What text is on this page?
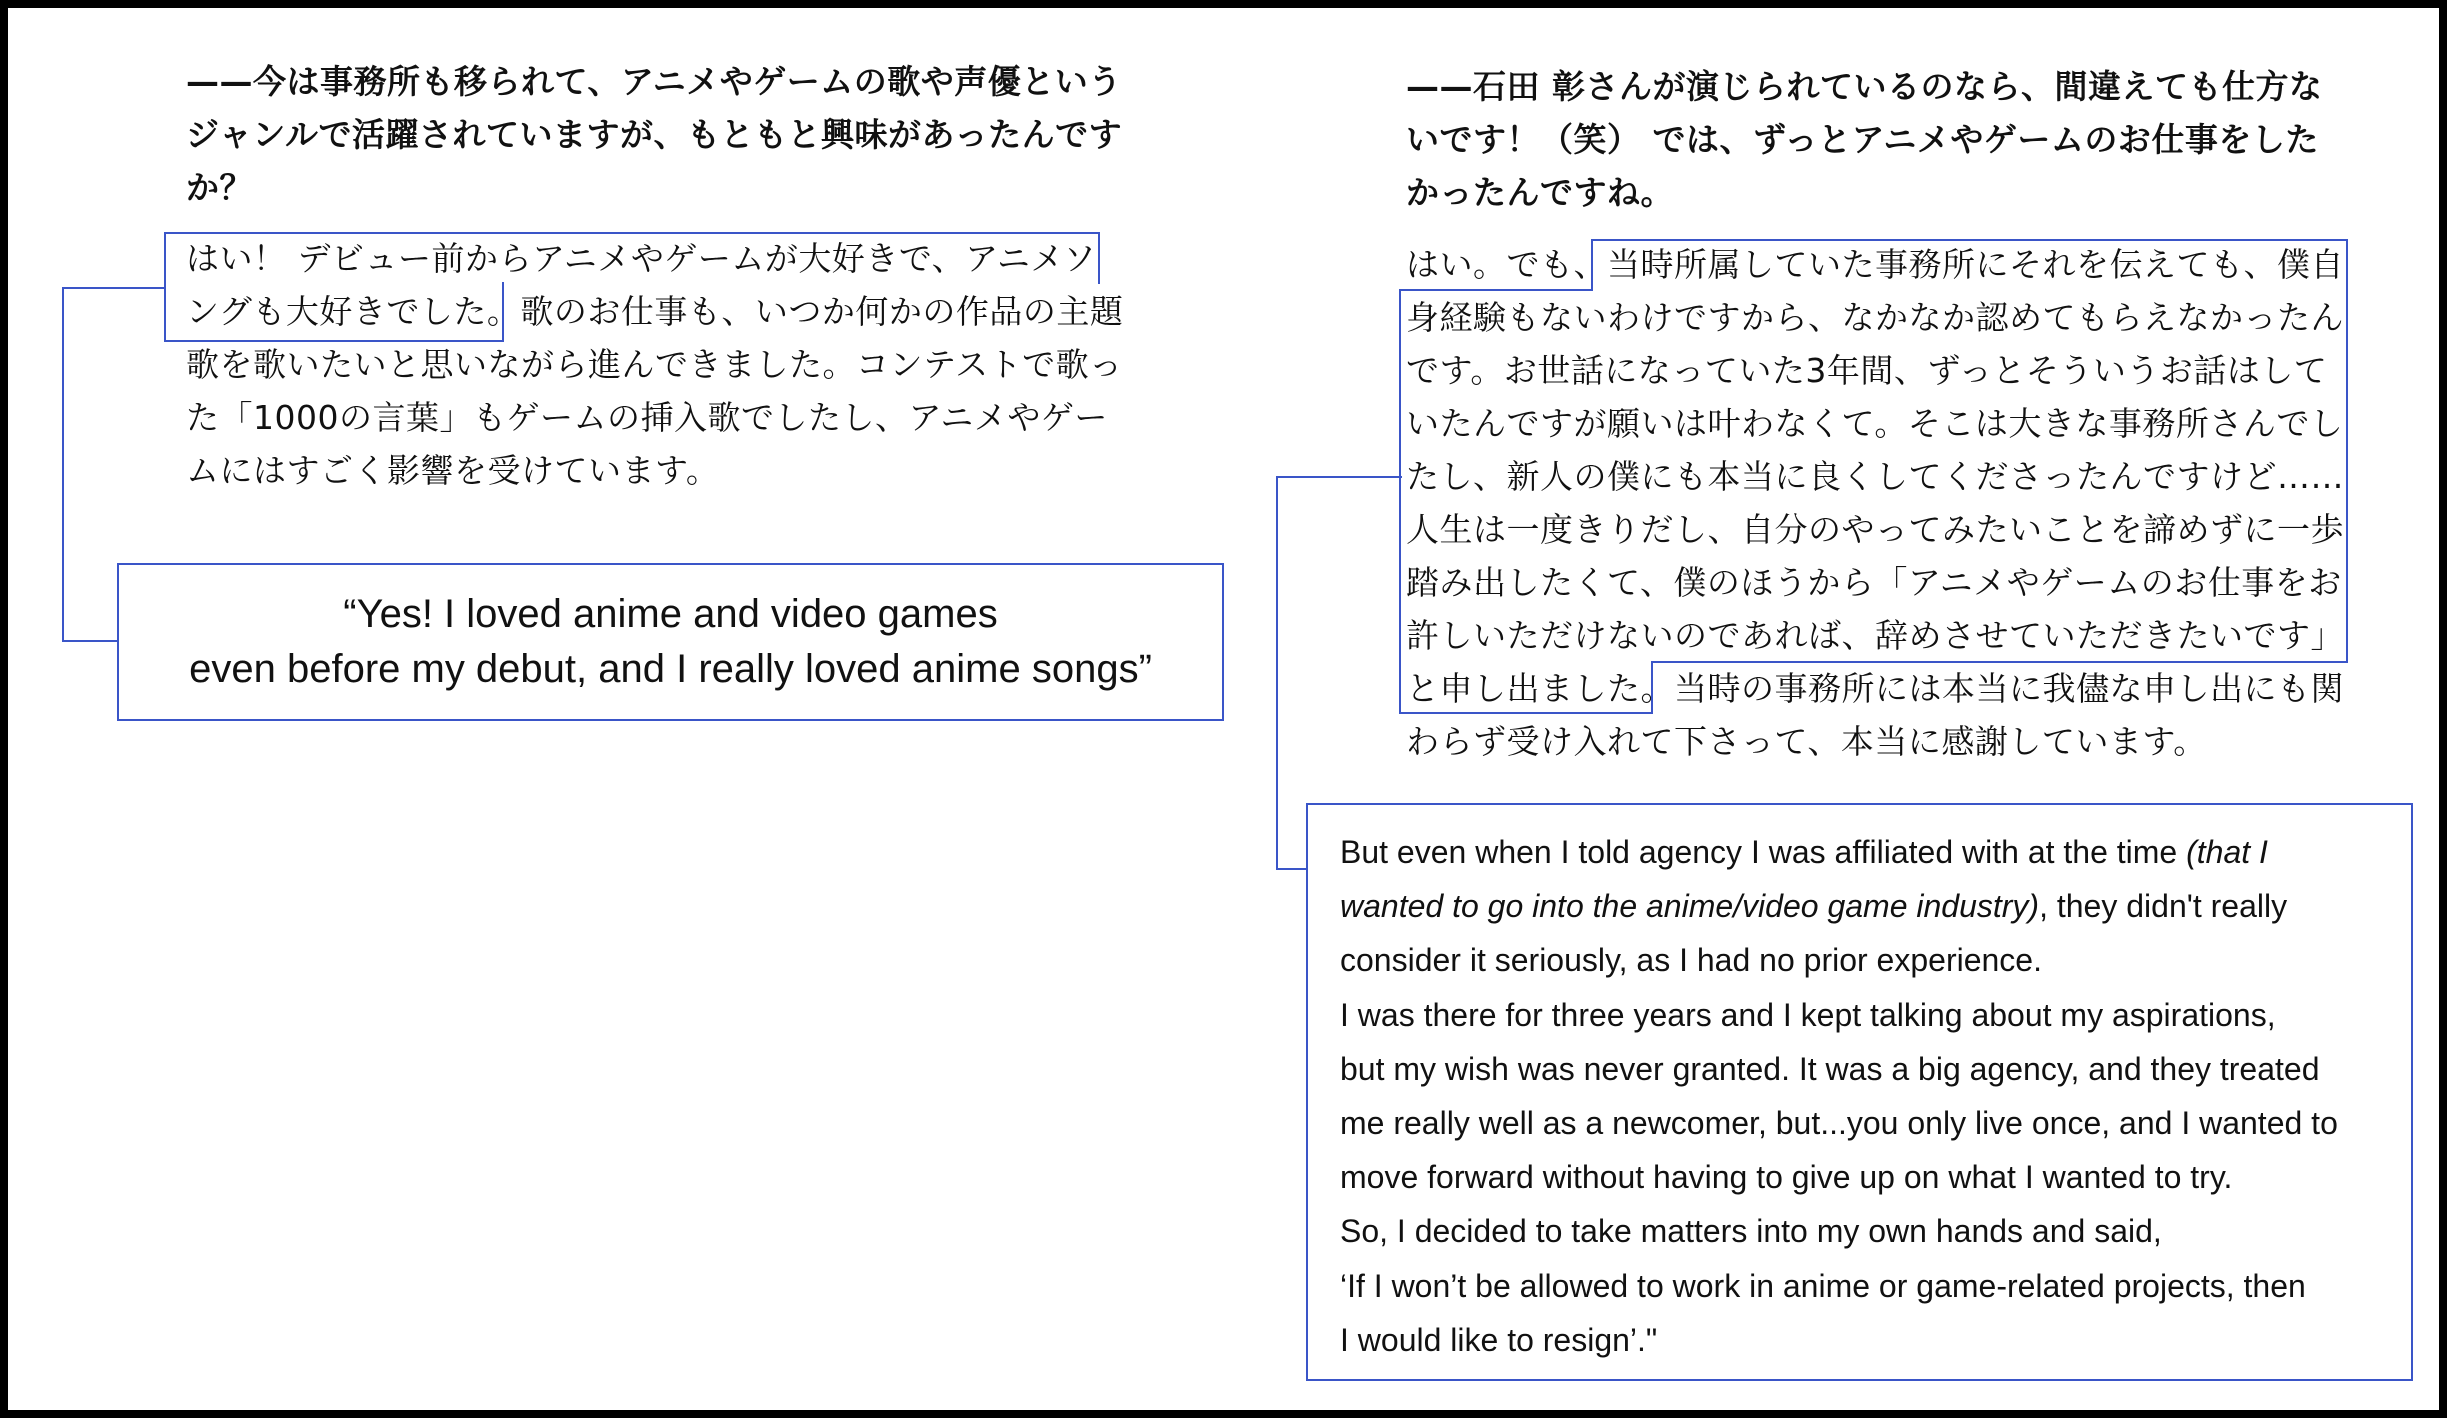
——今は事務所も移られて、アニメやゲームの歌や声優という
ジャンルで活躍されていますが、もともと興味があったんです
か？
はい！ デビュー前からアニメやゲームが大好きで、アニメソ
ングも大好きでした。歌のお仕事も、いつか何かの作品の主題
歌を歌いたいと思いながら進んできました。コンテストで歌っ
た「1000の言葉」もゲームの挿入歌でしたし、アニメやゲー
ムにはすごく影響を受けています。
“Yes! I loved anime and video games
even before my debut, and I really loved anime songs”
——石田 彰さんが演じられているのなら、間違えても仕方な
いです！（笑） では、ずっとアニメやゲームのお仕事をした
かったんですね。
はい。でも、当時所属していた事務所にそれを伝えても、僕自
身経験もないわけですから、なかなか認めてもらえなかったん
です。お世話になっていた3年間、ずっとそういうお話はして
いたんですが願いは叶わなくて。そこは大きな事務所さんでし
たし、新人の僕にも本当に良くしてくださったんですけど……
人生は一度きりだし、自分のやってみたいことを諦めずに一歩
踏み出したくて、僕のほうから「アニメやゲームのお仕事をお
許しいただけないのであれば、辞めさせていただきたいです」
と申し出ました。当時の事務所には本当に我儘な申し出にも関
わらず受け入れて下さって、本当に感謝しています。
But even when I told agency I was affiliated with at the time (that I
wanted to go into the anime/video game industry), they didn't really
consider it seriously, as I had no prior experience.
I was there for three years and I kept talking about my aspirations,
but my wish was never granted. It was a big agency, and they treated
me really well as a newcomer, but...you only live once, and I wanted to
move forward without having to give up on what I wanted to try.
So, I decided to take matters into my own hands and said,
‘If I won’t be allowed to work in anime or game-related projects, then
I would like to resign’."
